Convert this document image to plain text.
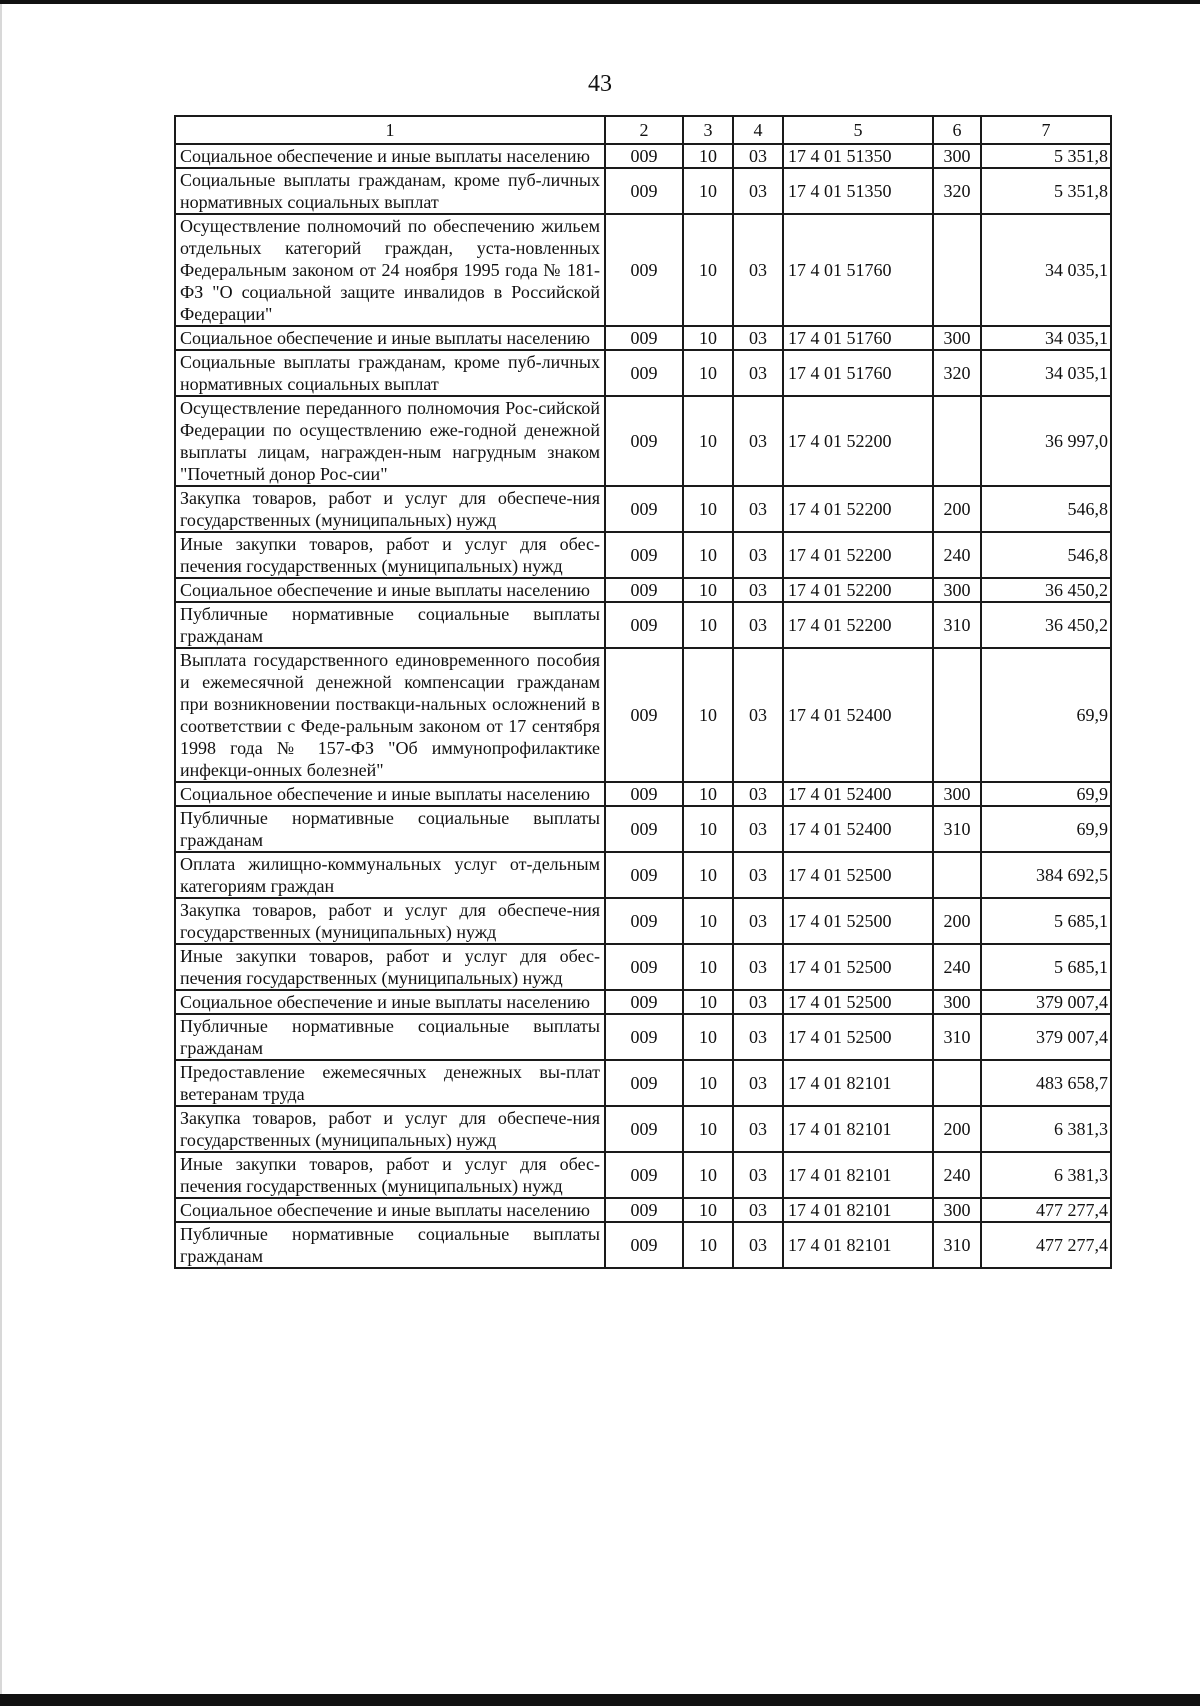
43
1	2	3	4	5	6	7
Социальное обеспечение и иные выплаты населению	009	10	03	17 4 01 51350	300	5 351,8
Социальные выплаты гражданам, кроме пуб-личных нормативных социальных выплат	009	10	03	17 4 01 51350	320	5 351,8
Осуществление полномочий по обеспечению жильем отдельных категорий граждан, уста-новленных Федеральным законом от 24 ноября 1995 года № 181-ФЗ "О социальной защите инвалидов в Российской Федерации"	009	10	03	17 4 01 51760		34 035,1
Социальное обеспечение и иные выплаты населению	009	10	03	17 4 01 51760	300	34 035,1
Социальные выплаты гражданам, кроме пуб-личных нормативных социальных выплат	009	10	03	17 4 01 51760	320	34 035,1
Осуществление переданного полномочия Рос-сийской Федерации по осуществлению еже-годной денежной выплаты лицам, награжден-ным нагрудным знаком "Почетный донор Рос-сии"	009	10	03	17 4 01 52200		36 997,0
Закупка товаров, работ и услуг для обеспече-ния государственных (муниципальных) нужд	009	10	03	17 4 01 52200	200	546,8
Иные закупки товаров, работ и услуг для обес-печения государственных (муниципальных) нужд	009	10	03	17 4 01 52200	240	546,8
Социальное обеспечение и иные выплаты населению	009	10	03	17 4 01 52200	300	36 450,2
Публичные нормативные социальные выплаты гражданам	009	10	03	17 4 01 52200	310	36 450,2
Выплата государственного единовременного пособия и ежемесячной денежной компенсации гражданам при возникновении поствакци-нальных осложнений в соответствии с Феде-ральным законом от 17 сентября 1998 года № 157-ФЗ "Об иммунопрофилактике инфекци-онных болезней"	009	10	03	17 4 01 52400		69,9
Социальное обеспечение и иные выплаты населению	009	10	03	17 4 01 52400	300	69,9
Публичные нормативные социальные выплаты гражданам	009	10	03	17 4 01 52400	310	69,9
Оплата жилищно-коммунальных услуг от-дельным категориям граждан	009	10	03	17 4 01 52500		384 692,5
Закупка товаров, работ и услуг для обеспече-ния государственных (муниципальных) нужд	009	10	03	17 4 01 52500	200	5 685,1
Иные закупки товаров, работ и услуг для обес-печения государственных (муниципальных) нужд	009	10	03	17 4 01 52500	240	5 685,1
Социальное обеспечение и иные выплаты населению	009	10	03	17 4 01 52500	300	379 007,4
Публичные нормативные социальные выплаты гражданам	009	10	03	17 4 01 52500	310	379 007,4
Предоставление ежемесячных денежных вы-плат ветеранам труда	009	10	03	17 4 01 82101		483 658,7
Закупка товаров, работ и услуг для обеспече-ния государственных (муниципальных) нужд	009	10	03	17 4 01 82101	200	6 381,3
Иные закупки товаров, работ и услуг для обес-печения государственных (муниципальных) нужд	009	10	03	17 4 01 82101	240	6 381,3
Социальное обеспечение и иные выплаты населению	009	10	03	17 4 01 82101	300	477 277,4
Публичные нормативные социальные выплаты гражданам	009	10	03	17 4 01 82101	310	477 277,4
